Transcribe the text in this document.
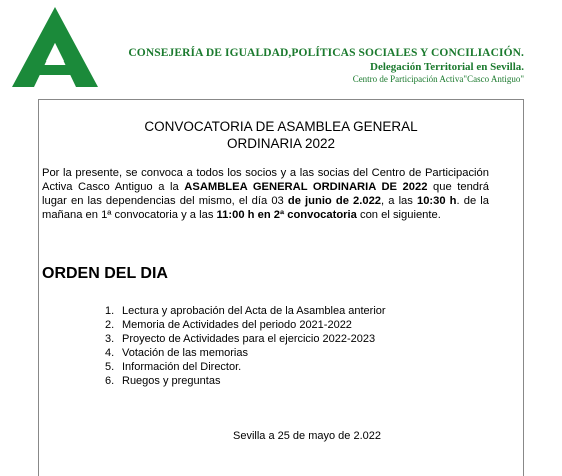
CONSEJERÍA DE IGUALDAD,POLÍTICAS SOCIALES Y CONCILIACIÓN.
Delegación Territorial en Sevilla.
Centro de Participación Activa"Casco Antiguo"
CONVOCATORIA DE ASAMBLEA GENERAL
ORDINARIA 2022
Por la presente, se convoca a todos los socios y a las socias del Centro de Participación Activa Casco Antiguo a la ASAMBLEA GENERAL ORDINARIA DE 2022 que tendrá lugar en las dependencias del mismo, el día 03 de junio de 2.022, a las 10:30 h. de la mañana en 1ª convocatoria y a las 11:00 h en 2ª convocatoria con el siguiente.
ORDEN DEL DIA
1. Lectura y aprobación del Acta de la Asamblea anterior
2. Memoria de Actividades del periodo 2021-2022
3. Proyecto de Actividades para el ejercicio 2022-2023
4. Votación de las memorias
5. Información del Director.
6. Ruegos y preguntas
Sevilla a 25 de mayo de 2.022
